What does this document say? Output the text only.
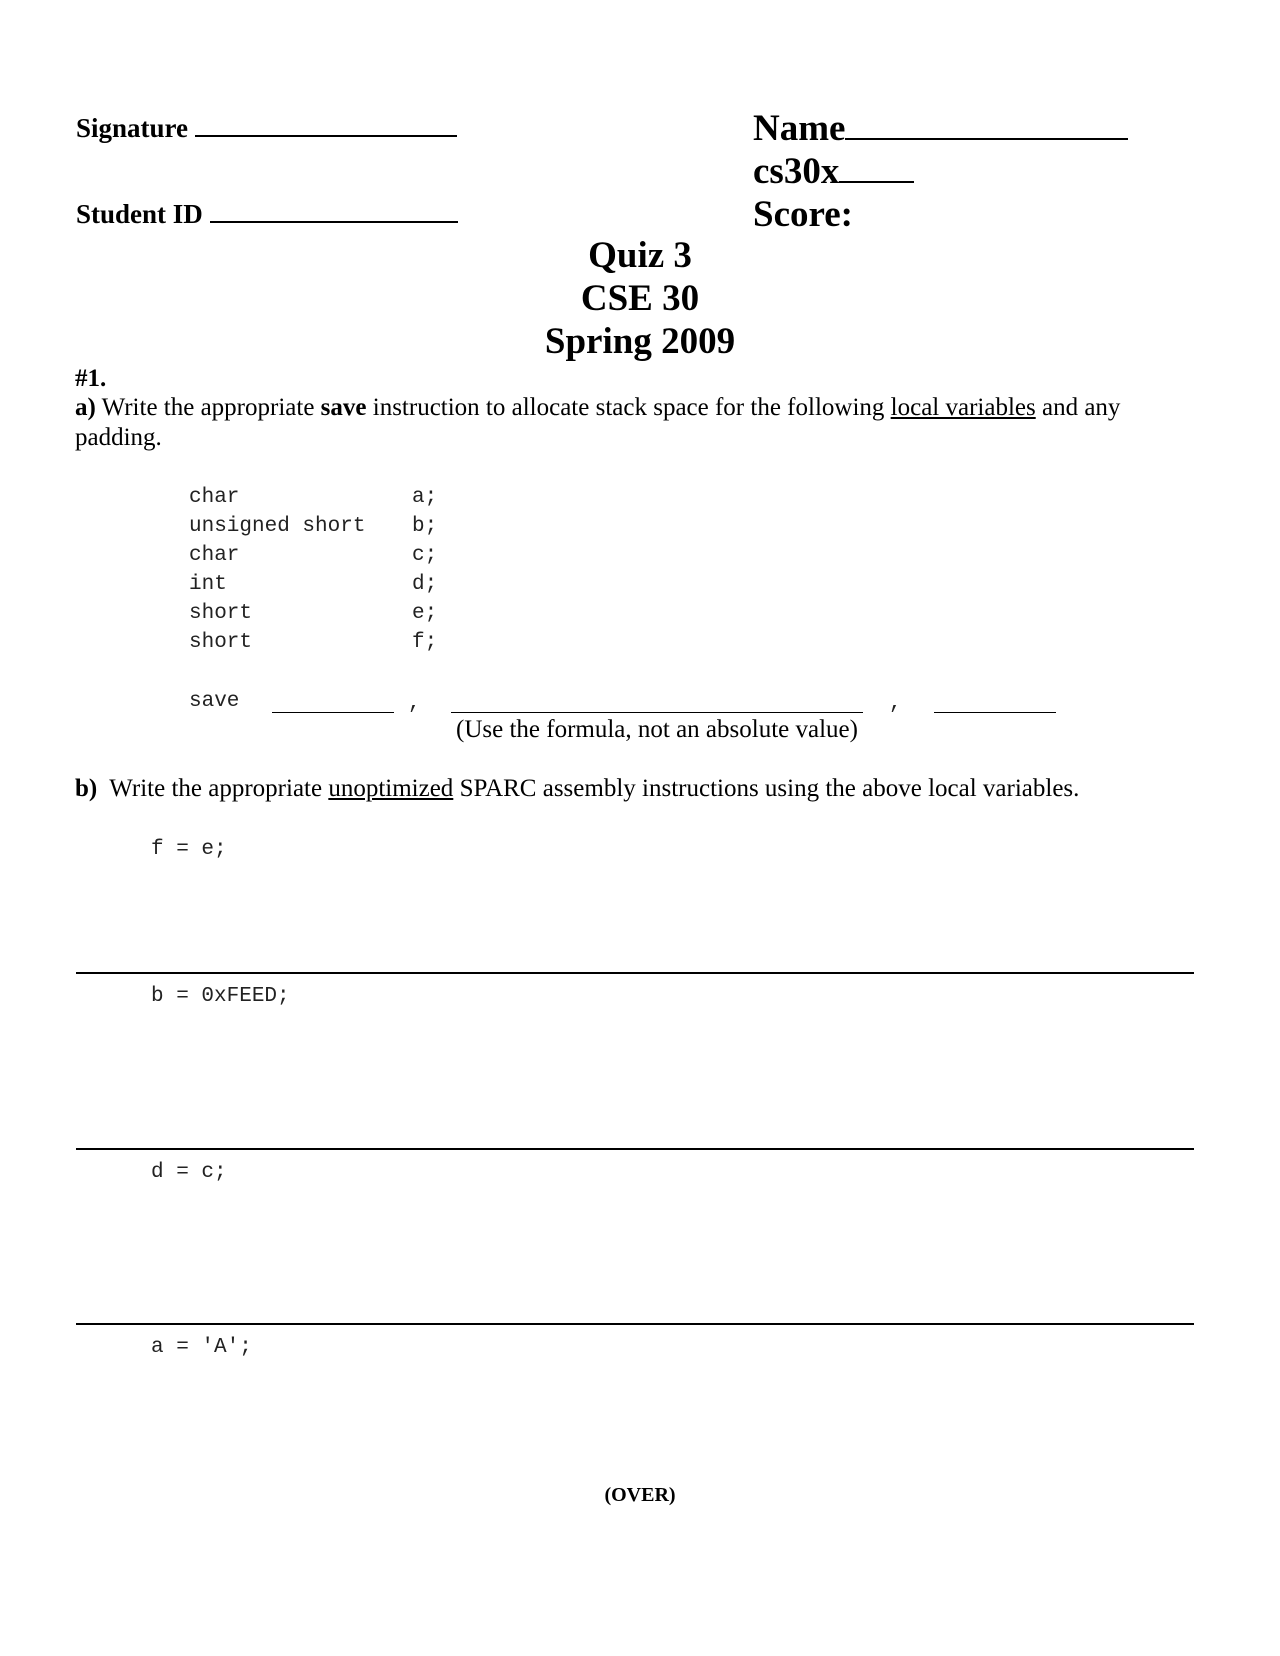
Signature
Student ID
Name
cs30x
Score:
Quiz 3
CSE 30
Spring 2009
#1.
a) Write the appropriate save instruction to allocate stack space for the following local variables and any
padding.
char	a;
unsigned short b;
char	c;
int	d;
short	e;
short	f;
save	,	,
(Use the formula, not an absolute value)
b) Write the appropriate unoptimized SPARC assembly instructions using the above local variables.
f = e;
b = 0xFEED;
d = c;
a = 'A';
(OVER)
